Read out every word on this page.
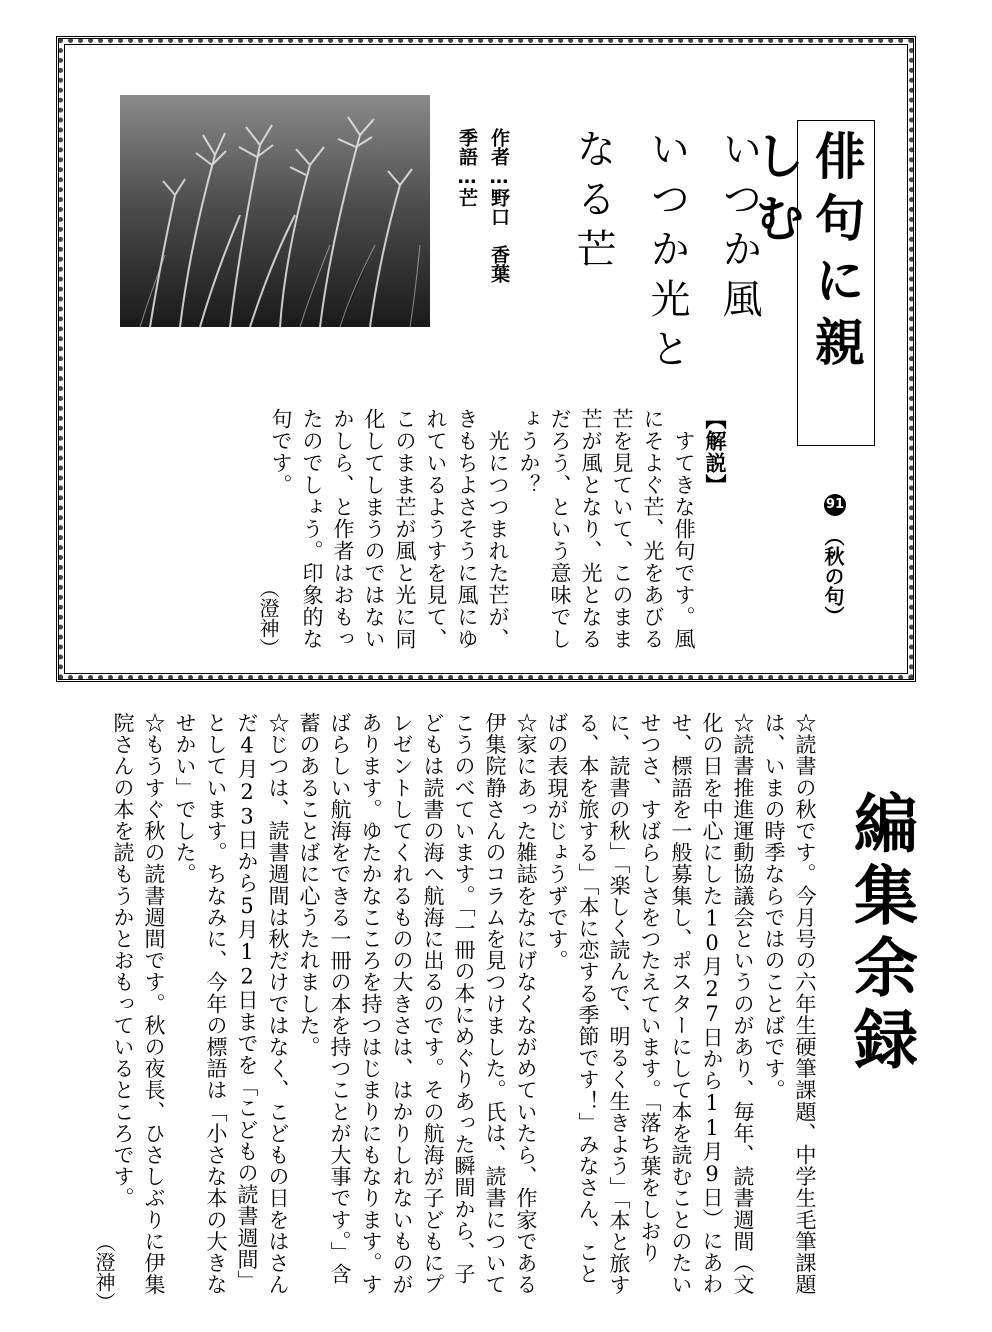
俳句に親しむ
91
（秋の句）
いつか風
いつか光と
なる芒
作者…野口　香葉
季語…芒

【解説】

　すてきな俳句です。風にそよぐ芒、光をあびる芒を見ていて、このまま芒が風となり、光となるだろう、という意味でしょうか？

　光につつまれた芒が、きもちよさそうに風にゆれているようすを見て、このまま芒が風と光に同化してしまうのではないかしら、と作者はおもったのでしょう。印象的な句です。

（澄神）
編集余録

☆読書の秋です。今月号の六年生硬筆課題、中学生毛筆課題は、いまの時季ならではのことばです。

☆読書推進運動協議会というのがあり、毎年、読書週間（文化の日を中心にした10月27日から11月9日）にあわせ、標語を一般募集し、ポスターにして本を読むことのたいせつさ、すばらしさをつたえています。「落ち葉をしおりに、読書の秋」「楽しく読んで、明るく生きよう」「本と旅する、本を旅する」「本に恋する季節です！」みなさん、ことばの表現がじょうずです。

☆家にあった雑誌をなにげなくながめていたら、作家である伊集院静さんのコラムを見つけました。氏は、読書についてこうのべています。「一冊の本にめぐりあった瞬間から、子どもは読書の海へ航海に出るのです。その航海が子どもにプレゼントしてくれるものの大きさは、はかりしれないものがあります。ゆたかなこころを持つはじまりにもなります。すばらしい航海をできる一冊の本を持つことが大事です。」含蓄のあることばに心うたれました。

☆じつは、読書週間は秋だけではなく、こどもの日をはさんだ4月23日から5月12日までを「こどもの読書週間」としています。ちなみに、今年の標語は「小さな本の大きなせかい」でした。

☆もうすぐ秋の読書週間です。秋の夜長、ひさしぶりに伊集院さんの本を読もうかとおもっているところです。

（澄神）
